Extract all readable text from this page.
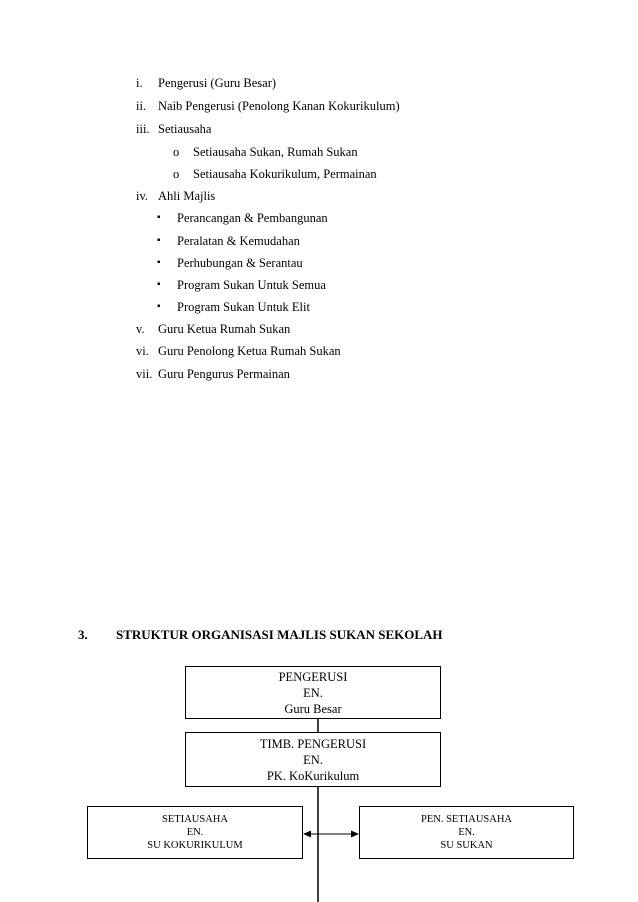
i. Pengerusi (Guru Besar)
ii. Naib Pengerusi (Penolong Kanan Kokurikulum)
iii. Setiausaha
o Setiausaha Sukan, Rumah Sukan
o Setiausaha Kokurikulum, Permainan
iv. Ahli Majlis
▪ Perancangan & Pembangunan
▪ Peralatan & Kemudahan
▪ Perhubungan & Serantau
▪ Program Sukan Untuk Semua
▪ Program Sukan Untuk Elit
v. Guru Ketua Rumah Sukan
vi. Guru Penolong Ketua Rumah Sukan
vii. Guru Pengurus Permainan
3. STRUKTUR ORGANISASI MAJLIS SUKAN SEKOLAH
PENGERUSI
EN.
Guru Besar
TIMB. PENGERUSI
EN.
PK. KoKurikulum
SETIAUSAHA
EN.
SU KOKURIKULUM
PEN. SETIAUSAHA
EN.
SU SUKAN
